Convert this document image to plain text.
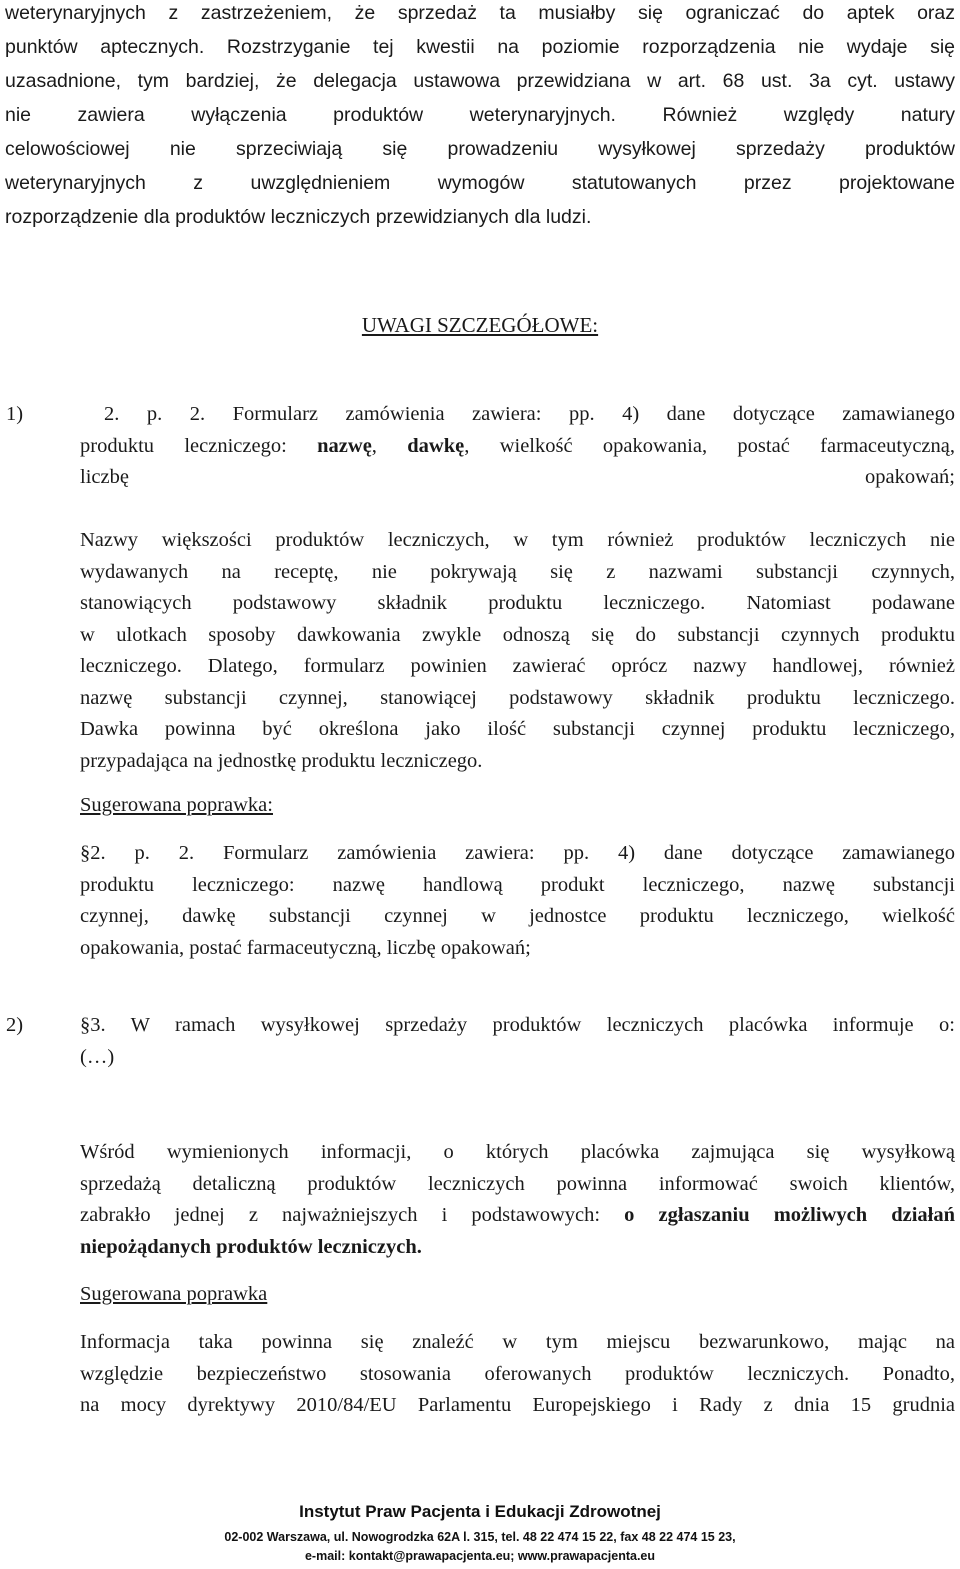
weterynaryjnych z zastrzeżeniem, że sprzedaż ta musiałby się ograniczać do aptek oraz
punktów aptecznych. Rozstrzyganie tej kwestii na poziomie rozporządzenia nie wydaje się
uzasadnione, tym bardziej, że delegacja ustawowa przewidziana w art. 68 ust. 3a cyt. ustawy
nie zawiera wyłączenia produktów weterynaryjnych. Również względy natury
celowościowej nie sprzeciwiają się prowadzeniu wysyłkowej sprzedaży produktów
weterynaryjnych z uwzględnieniem wymogów statutowanych przez projektowane
rozporządzenie dla produktów leczniczych przewidzianych dla ludzi.
UWAGI SZCZEGÓŁOWE:
1)	2. p. 2. Formularz zamówienia zawiera: pp. 4) dane dotyczące zamawianego
produktu leczniczego: nazwę, dawkę, wielkość opakowania, postać farmaceutyczną,
liczbę	opakowań;
Nazwy większości produktów leczniczych, w tym również produktów leczniczych nie
wydawanych na receptę, nie pokrywają się z nazwami substancji czynnych,
stanowiących podstawowy składnik produktu leczniczego. Natomiast podawane
w ulotkach sposoby dawkowania zwykle odnoszą się do substancji czynnych produktu
leczniczego. Dlatego, formularz powinien zawierać oprócz nazwy handlowej, również
nazwę substancji czynnej, stanowiącej podstawowy składnik produktu leczniczego.
Dawka powinna być określona jako ilość substancji czynnej produktu leczniczego,
przypadająca na jednostkę produktu leczniczego.
Sugerowana poprawka:
§2. p. 2. Formularz zamówienia zawiera: pp. 4) dane dotyczące zamawianego
produktu leczniczego: nazwę handlową produkt leczniczego, nazwę substancji
czynnej, dawkę substancji czynnej w jednostce produktu leczniczego, wielkość
opakowania, postać farmaceutyczną, liczbę opakowań;
2)	§3. W ramach wysyłkowej sprzedaży produktów leczniczych placówka informuje o:
(…)
Wśród wymienionych informacji, o których placówka zajmująca się wysyłkową
sprzedażą detaliczną produktów leczniczych powinna informować swoich klientów,
zabrakło jednej z najważniejszych i podstawowych: o zgłaszaniu możliwych działań
niepożądanych produktów leczniczych.
Sugerowana poprawka
Informacja taka powinna się znaleźć w tym miejscu bezwarunkowo, mając na
względzie bezpieczeństwo stosowania oferowanych produktów leczniczych. Ponadto,
na mocy dyrektywy 2010/84/EU Parlamentu Europejskiego i Rady z dnia 15 grudnia
Instytut Praw Pacjenta i Edukacji Zdrowotnej
02-002 Warszawa, ul. Nowogrodzka 62A l. 315, tel. 48 22 474 15 22, fax 48 22 474 15 23,
e-mail: kontakt@prawapacjenta.eu; www.prawapacjenta.eu
